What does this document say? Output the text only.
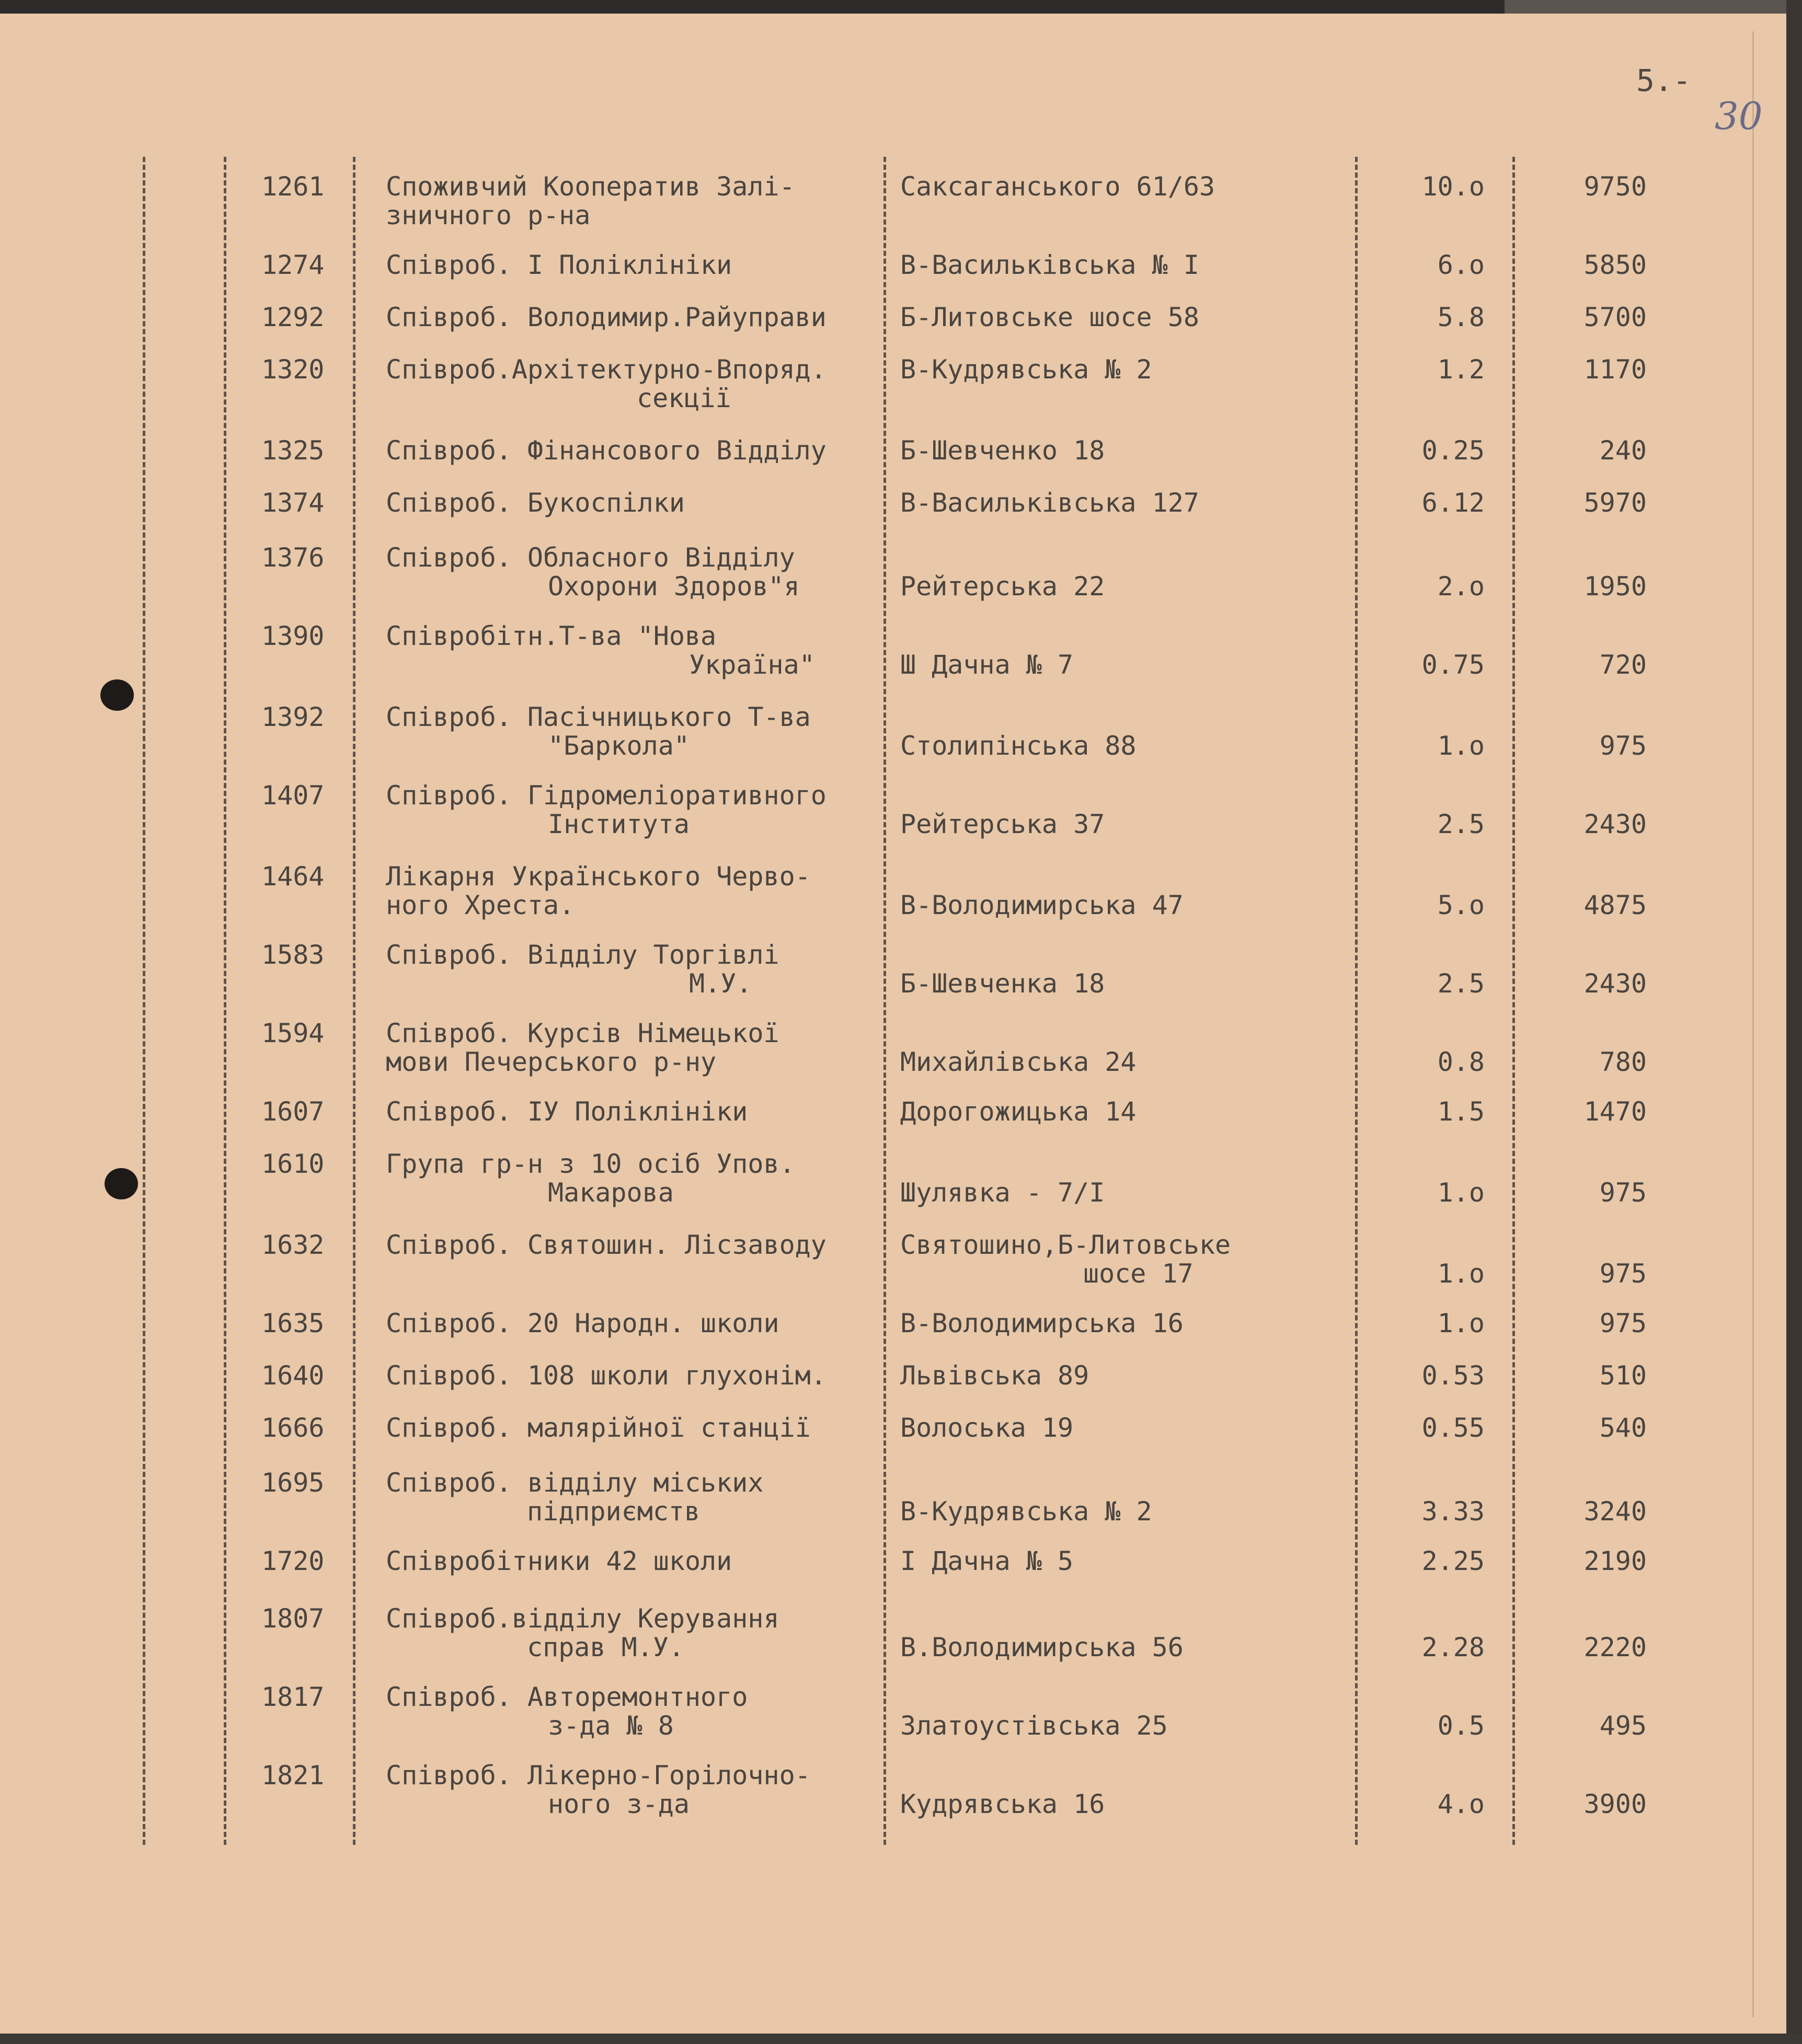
5.-
30
1261 Споживчий Кооператив Залі-
зничного р-на
Саксаганського 61/63	10.о	9750
1274 Співроб. І Поліклініки	В-Васильківська № І	6.о	5850
1292 Співроб. Володимир.Райуправи	Б-Литовське шосе 58	5.8	5700
1320 Співроб.Архітектурно-Впоряд.
секції
В-Кудрявська № 2	1.2	1170
1325 Співроб. Фінансового Відділу	Б-Шевченко 18	0.25	240
1374 Співроб. Букоспілки	В-Васильківська 127	6.12	5970
1376 Співроб. Обласного Відділу
Охорони Здоров"я	Рейтерська 22	2.о	1950
1390 Співробітн.Т-ва "Нова
Україна"	Ш Дачна № 7	0.75	720
1392 Співроб. Пасічницького Т-ва
"Баркола"	Столипінська 88	1.о	975
1407 Співроб. Гідромеліоративного
Інститута	Рейтерська 37	2.5	2430
1464 Лікарня Українського Черво-
ного Хреста.	В-Володимирська 47	5.о	4875
1583 Співроб. Відділу Торгівлі
М.У.	Б-Шевченка 18	2.5	2430
1594 Співроб. Курсів Німецької
мови Печерського р-ну	Михайлівська 24	0.8	780
1607 Співроб. ІУ Поліклініки	Дорогожицька 14	1.5	1470
1610 Група гр-н з 10 осіб Упов.
Макарова	Шулявка - 7/І	1.о	975
1632 Співроб. Святошин. Лісзаводу	Святошино,Б-Литовське
шосе 17	1.о	975
1635 Співроб. 20 Народн. школи	В-Володимирська 16	1.о	975
1640 Співроб. 108 школи глухонім.	Львівська 89	0.53	510
1666 Співроб. малярійної станції	Волоська 19	0.55	540
1695 Співроб. відділу міських
підприємств	В-Кудрявська № 2	3.33	3240
1720 Співробітники 42 школи	І Дачна № 5	2.25	2190
1807 Співроб.відділу Керування
справ М.У.	В.Володимирська 56	2.28	2220
1817 Співроб. Авторемонтного
з-да № 8	Златоустівська 25	0.5	495
1821 Співроб. Лікерно-Горілочно-
ного з-да	Кудрявська 16	4.о	3900
